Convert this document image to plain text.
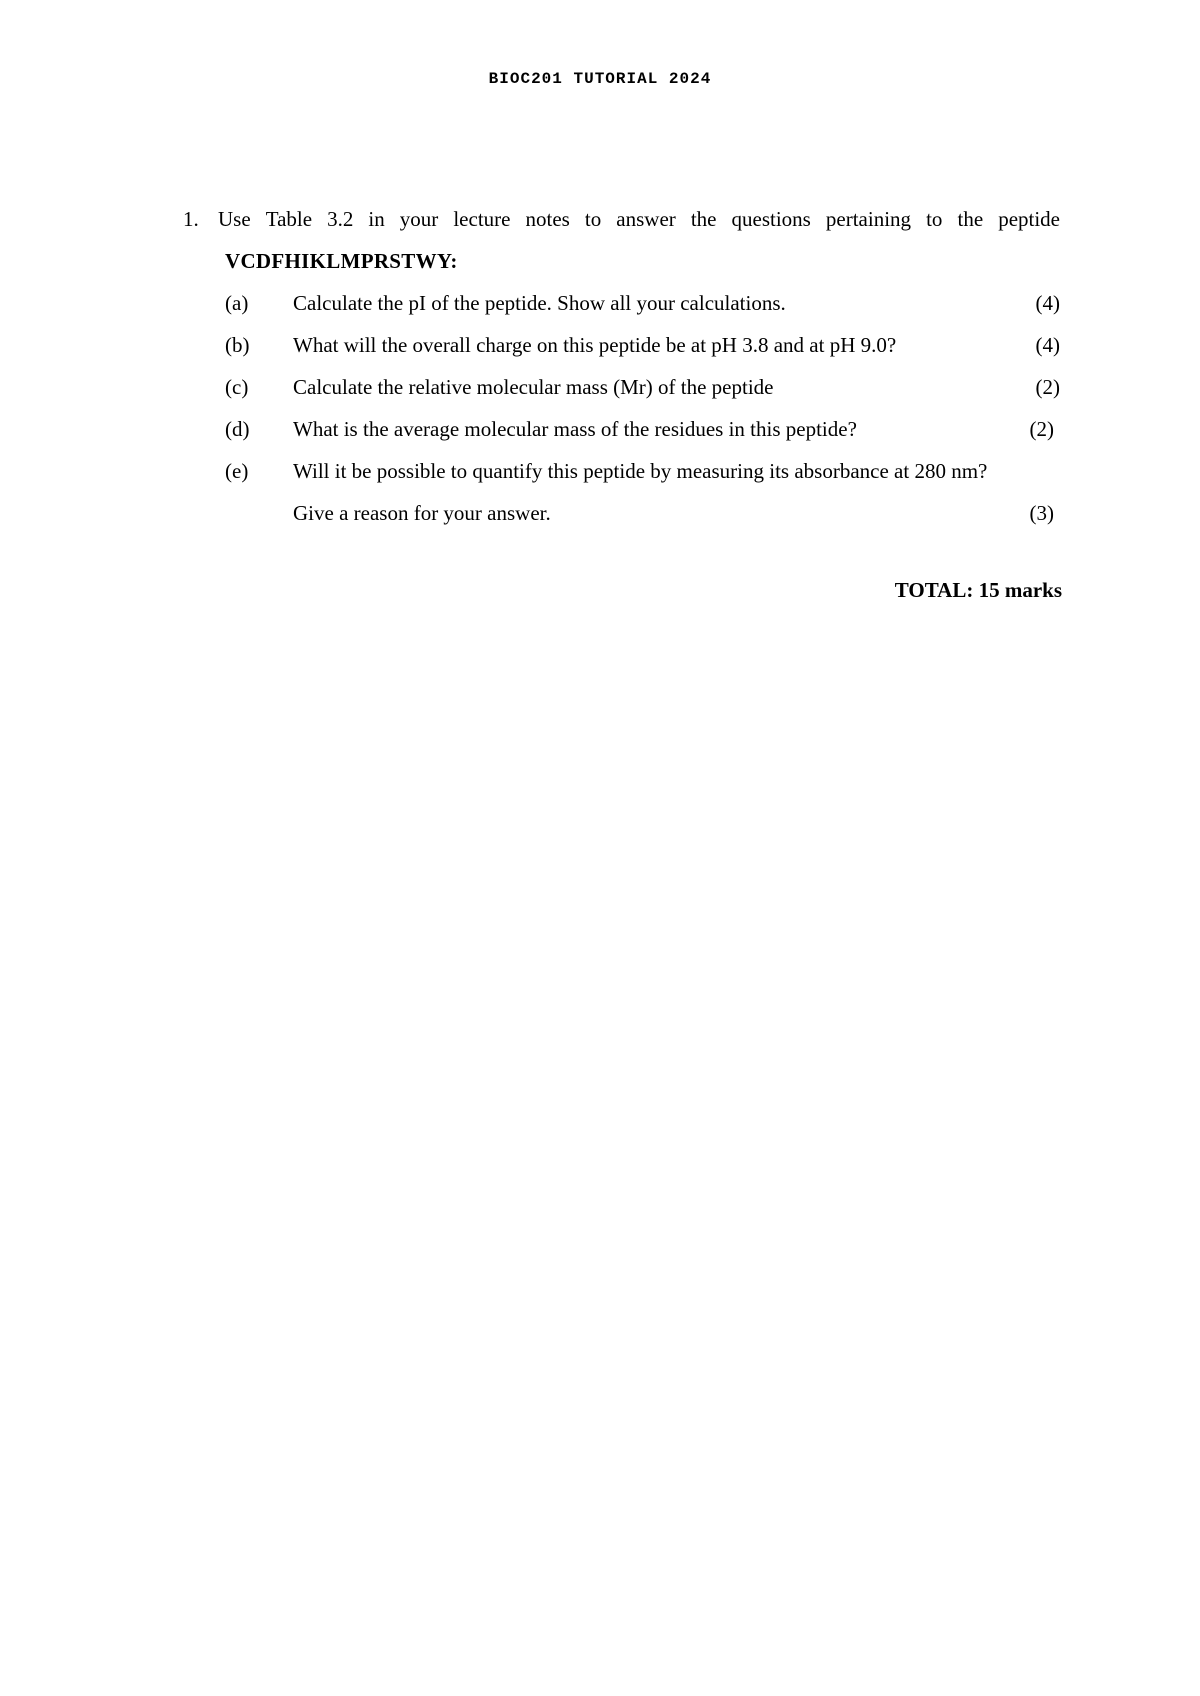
BIOC201 TUTORIAL 2024
1. Use Table 3.2 in your lecture notes to answer the questions pertaining to the peptide
VCDFHIKLMPRSTWY:
(a) Calculate the pI of the peptide. Show all your calculations.	(4)
(b) What will the overall charge on this peptide be at pH 3.8 and at pH 9.0?	(4)
(c) Calculate the relative molecular mass (Mr) of the peptide	(2)
(d) What is the average molecular mass of the residues in this peptide?	(2)
(e) Will it be possible to quantify this peptide by measuring its absorbance at 280 nm?
Give a reason for your answer.	(3)
TOTAL: 15 marks
